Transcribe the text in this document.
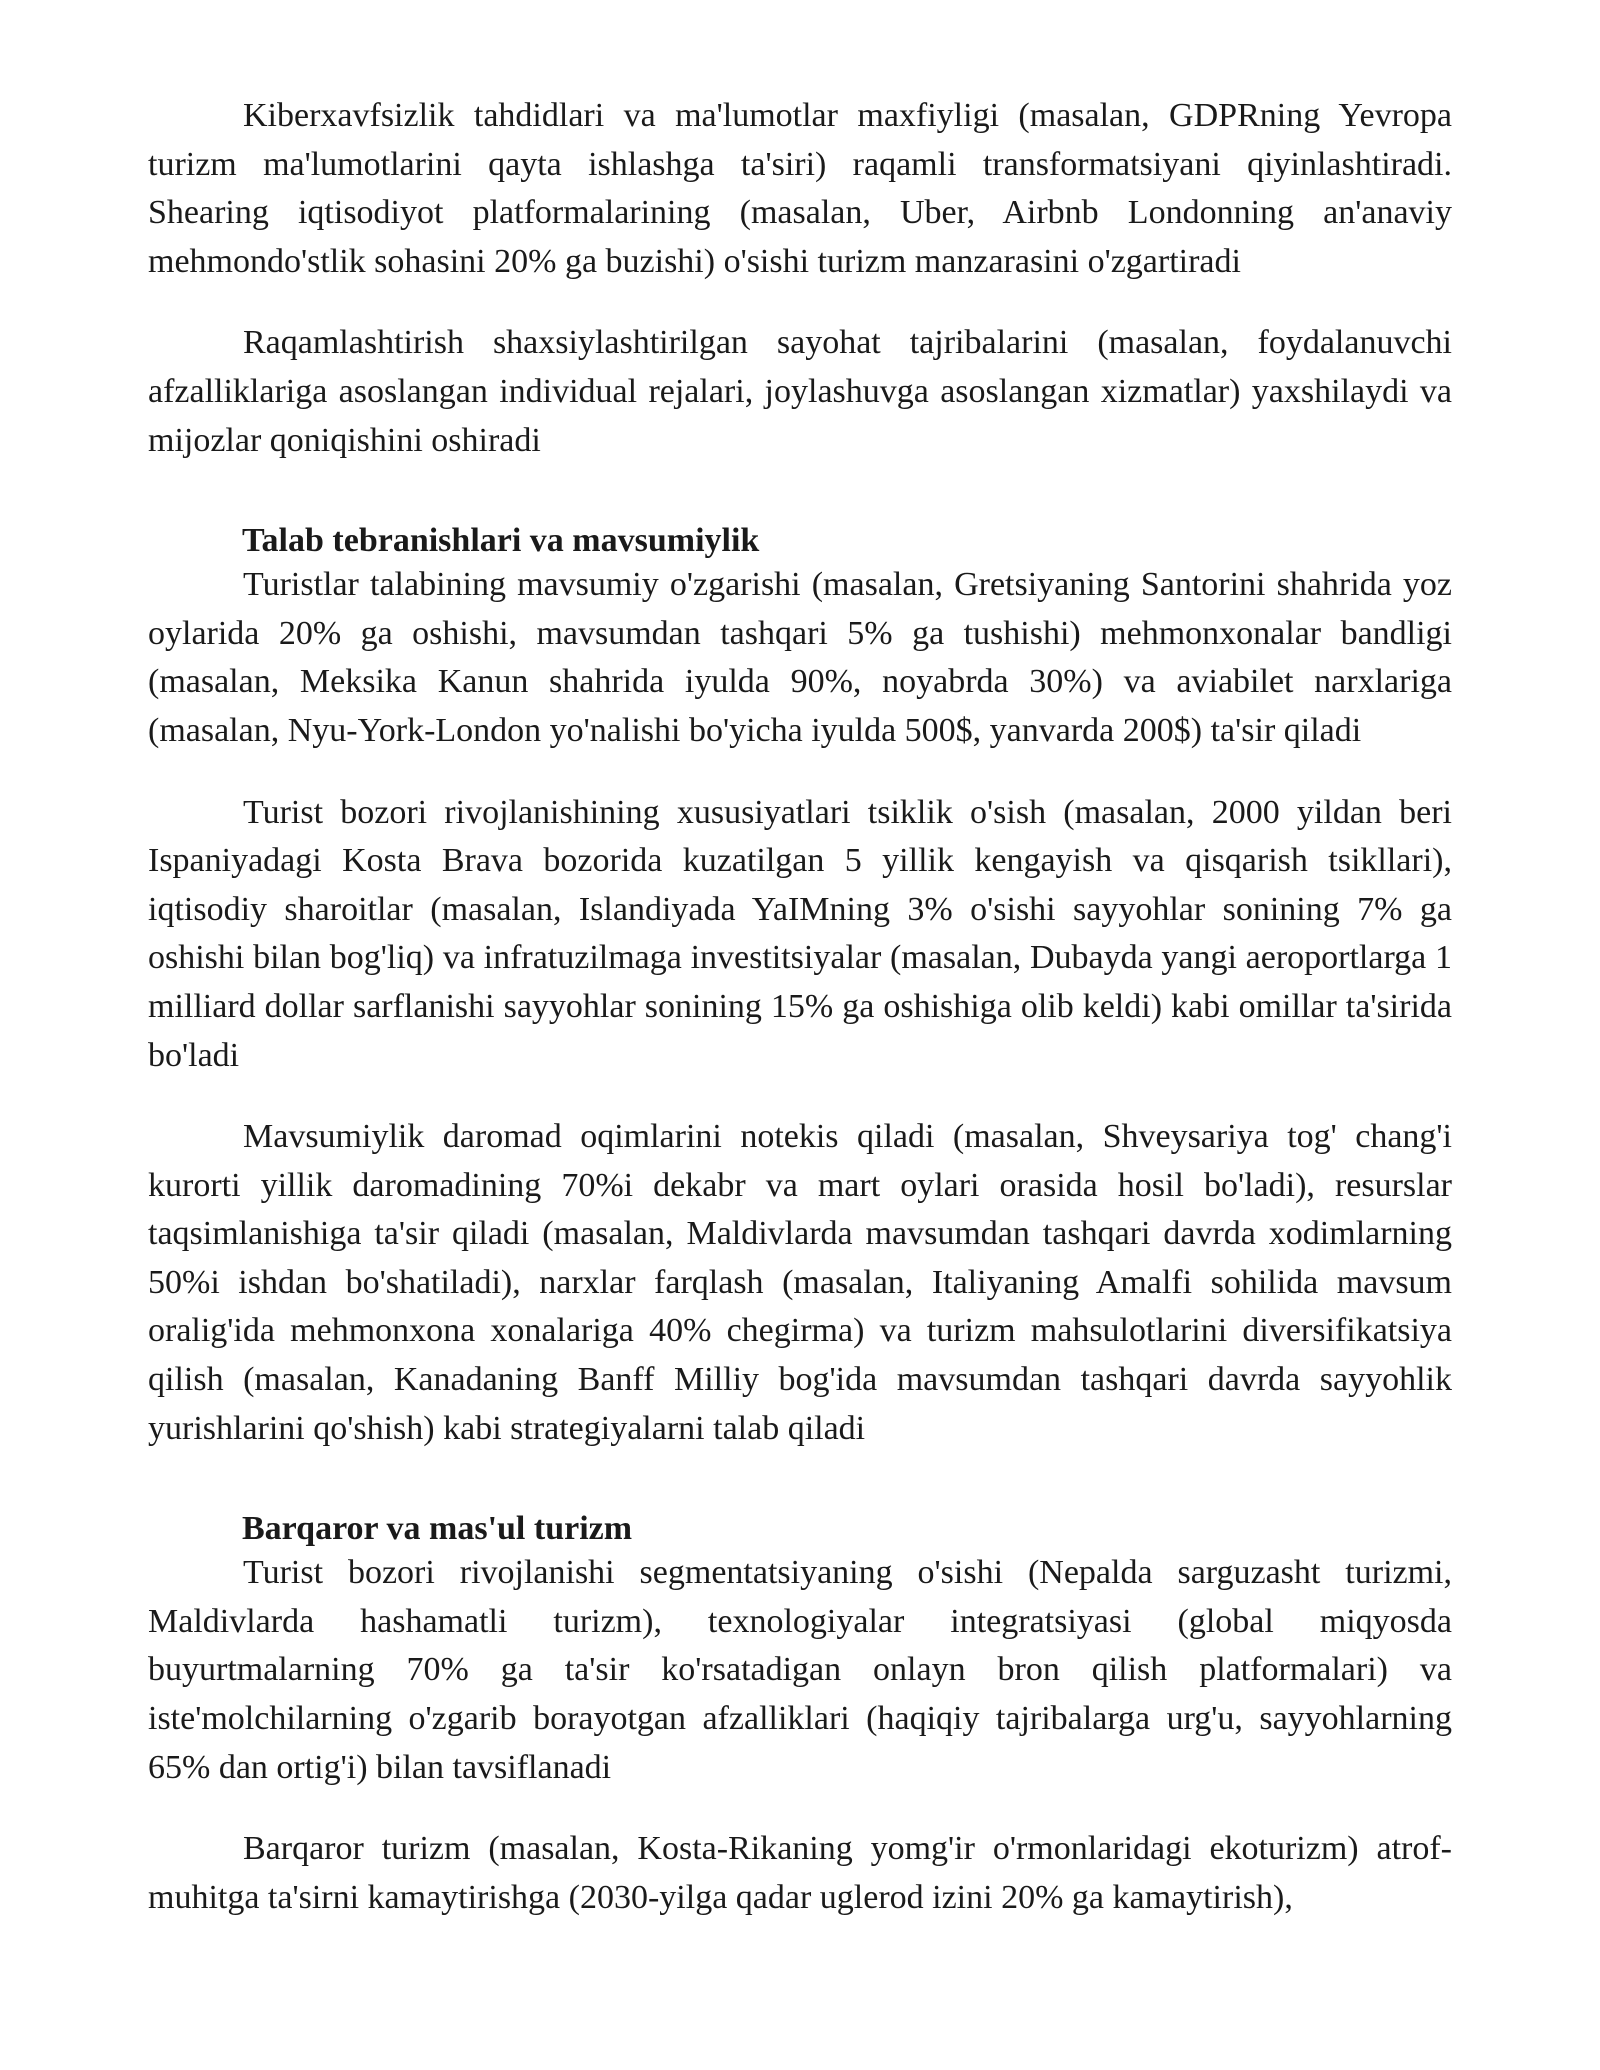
Kiberxavfsizlik tahdidlari va ma'lumotlar maxfiyligi (masalan, GDPRning Yevropa turizm ma'lumotlarini qayta ishlashga ta'siri) raqamli transformatsiyani qiyinlashtiradi. Shearing iqtisodiyot platformalarining (masalan, Uber, Airbnb Londonning an'anaviy mehmondo'stlik sohasini 20% ga buzishi) o'sishi turizm manzarasini o'zgartiradi

Raqamlashtirish shaxsiylashtirilgan sayohat tajribalarini (masalan, foydalanuvchi afzalliklariga asoslangan individual rejalari, joylashuvga asoslangan xizmatlar) yaxshilaydi va mijozlar qoniqishini oshiradi

Talab tebranishlari va mavsumiylik

Turistlar talabining mavsumiy o'zgarishi (masalan, Gretsiyaning Santorini shahrida yoz oylarida 20% ga oshishi, mavsumdan tashqari 5% ga tushishi) mehmonxonalar bandligi (masalan, Meksika Kanun shahrida iyulda 90%, noyabrda 30%) va aviabilet narxlariga (masalan, Nyu-York-London yo'nalishi bo'yicha iyulda 500$, yanvarda 200$) ta'sir qiladi

Turist bozori rivojlanishining xususiyatlari tsiklik o'sish (masalan, 2000 yildan beri Ispaniyadagi Kosta Brava bozorida kuzatilgan 5 yillik kengayish va qisqarish tsikllari), iqtisodiy sharoitlar (masalan, Islandiyada YaIMning 3% o'sishi sayyohlar sonining 7% ga oshishi bilan bog'liq) va infratuzilmaga investitsiyalar (masalan, Dubayda yangi aeroportlarga 1 milliard dollar sarflanishi sayyohlar sonining 15% ga oshishiga olib keldi) kabi omillar ta'sirida bo'ladi

Mavsumiylik daromad oqimlarini notekis qiladi (masalan, Shveysariya tog' chang'i kurorti yillik daromadining 70%i dekabr va mart oylari orasida hosil bo'ladi), resurslar taqsimlanishiga ta'sir qiladi (masalan, Maldivlarda mavsumdan tashqari davrda xodimlarning 50%i ishdan bo'shatiladi), narxlar farqlash (masalan, Italiyaning Amalfi sohilida mavsum oralig'ida mehmonxona xonalariga 40% chegirma) va turizm mahsulotlarini diversifikatsiya qilish (masalan, Kanadaning Banff Milliy bog'ida mavsumdan tashqari davrda sayyohlik yurishlarini qo'shish) kabi strategiyalarni talab qiladi

Barqaror va mas'ul turizm

Turist bozori rivojlanishi segmentatsiyaning o'sishi (Nepalda sarguzasht turizmi, Maldivlarda hashamatli turizm), texnologiyalar integratsiyasi (global miqyosda buyurtmalarning 70% ga ta'sir ko'rsatadigan onlayn bron qilish platformalari) va iste'molchilarning o'zgarib borayotgan afzalliklari (haqiqiy tajribalarga urg'u, sayyohlarning 65% dan ortig'i) bilan tavsiflanadi

Barqaror turizm (masalan, Kosta-Rikaning yomg'ir o'rmonlaridagi ekoturizm) atrof-muhitga ta'sirni kamaytirishga (2030-yilga qadar uglerod izini 20% ga kamaytirish),
